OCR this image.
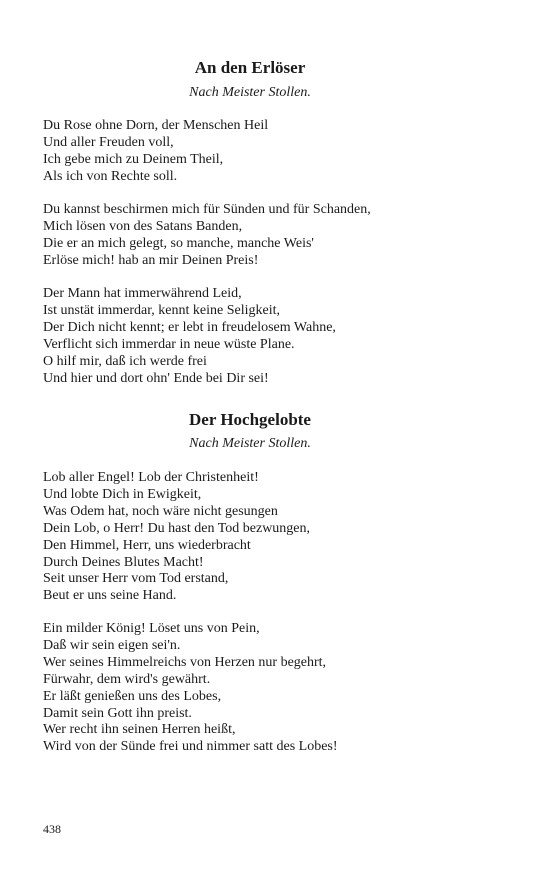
An den Erlöser

Nach Meister Stollen.

Du Rose ohne Dorn, der Menschen Heil
Und aller Freuden voll,
Ich gebe mich zu Deinem Theil,
Als ich von Rechte soll.
Du kannst beschirmen mich für Sünden und für Schanden,
Mich lösen von des Satans Banden,
Die er an mich gelegt, so manche, manche Weis'
Erlöse mich! hab an mir Deinen Preis!
Der Mann hat immerwährend Leid,
Ist unstät immerdar, kennt keine Seligkeit,
Der Dich nicht kennt; er lebt in freudelosem Wahne,
Verflicht sich immerdar in neue wüste Plane.
O hilf mir, daß ich werde frei
Und hier und dort ohn' Ende bei Dir sei!
Der Hochgelobte

Nach Meister Stollen.

Lob aller Engel! Lob der Christenheit!
Und lobte Dich in Ewigkeit,
Was Odem hat, noch wäre nicht gesungen
Dein Lob, o Herr! Du hast den Tod bezwungen,
Den Himmel, Herr, uns wiederbracht
Durch Deines Blutes Macht!
Seit unser Herr vom Tod erstand,
Beut er uns seine Hand.
Ein milder König! Löset uns von Pein,
Daß wir sein eigen sei'n.
Wer seines Himmelreichs von Herzen nur begehrt,
Fürwahr, dem wird's gewährt.
Er läßt genießen uns des Lobes,
Damit sein Gott ihn preist.
Wer recht ihn seinen Herren heißt,
Wird von der Sünde frei und nimmer satt des Lobes!
438
